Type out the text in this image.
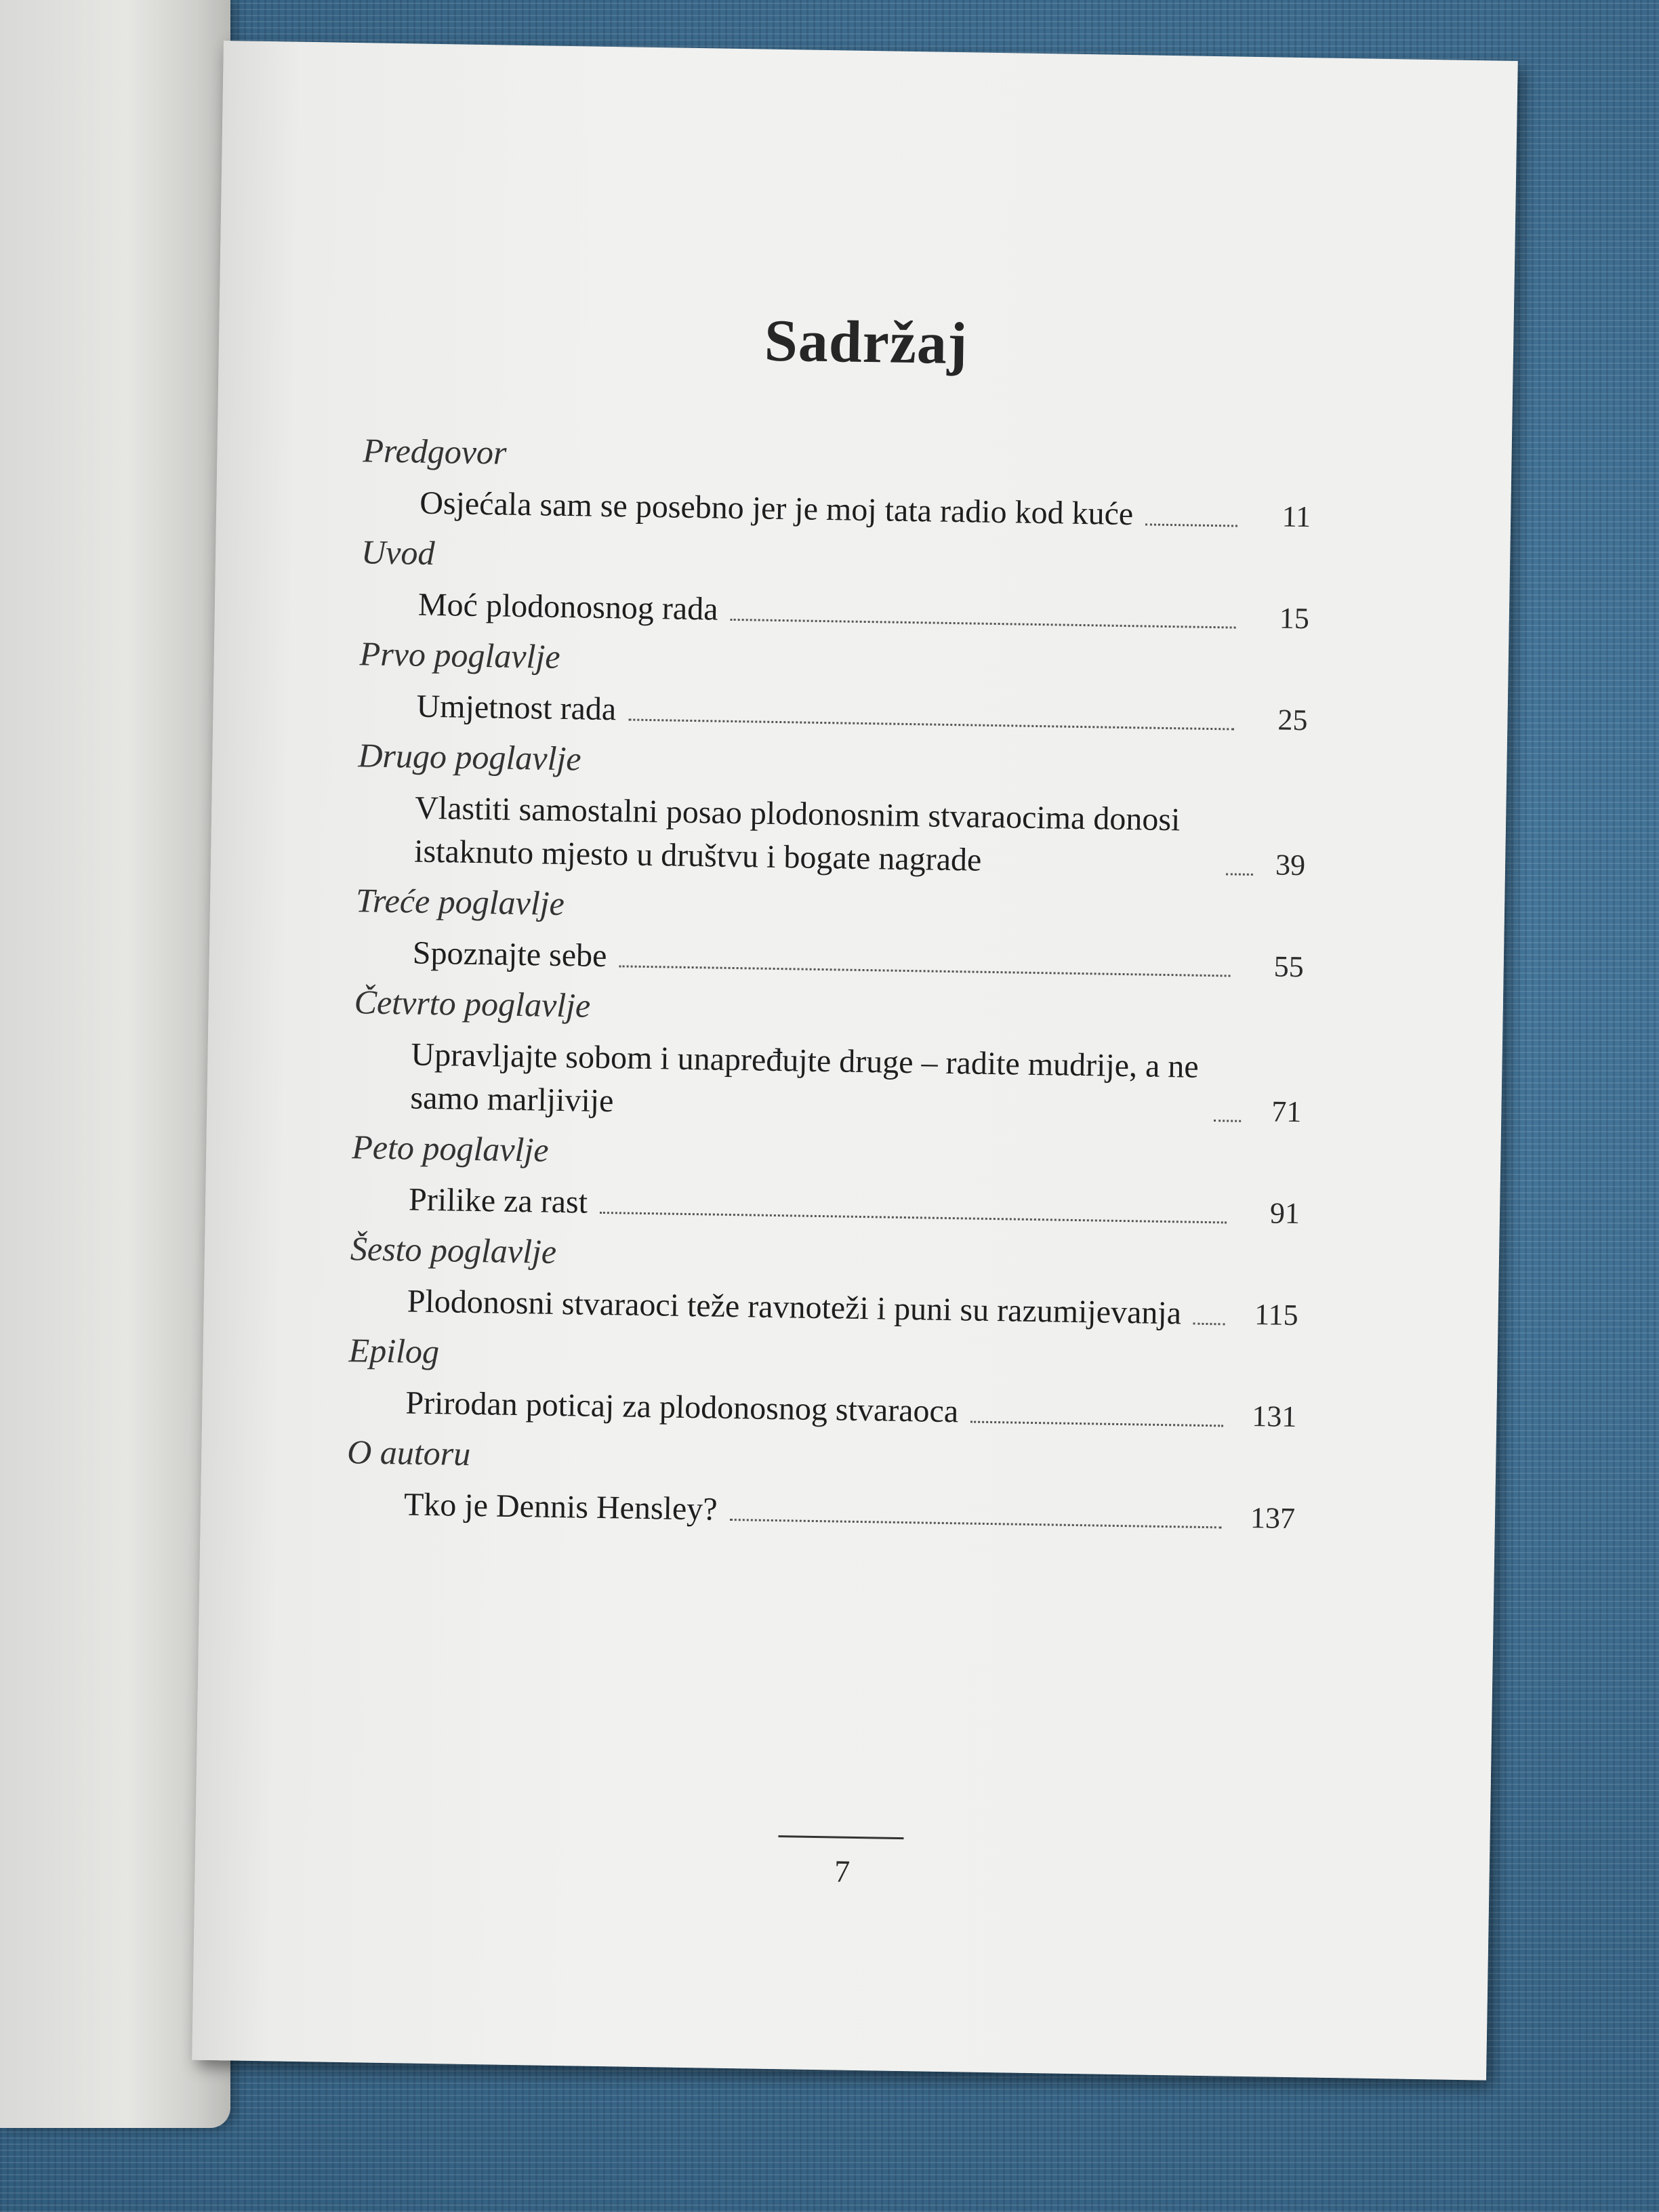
Sadržaj
Predgovor
Osjećala sam se posebno jer je moj tata radio kod kuće	11
Uvod
Moć plodonosnog rada	15
Prvo poglavlje
Umjetnost rada	25
Drugo poglavlje
Vlastiti samostalni posao plodonosnim stvaraocima donosi istaknuto mjesto u društvu i bogate nagrade	39
Treće poglavlje
Spoznajte sebe	55
Četvrto poglavlje
Upravljajte sobom i unapređujte druge – radite mudrije, a ne samo marljivije	71
Peto poglavlje
Prilike za rast	91
Šesto poglavlje
Plodonosni stvaraoci teže ravnoteži i puni su razumijevanja	115
Epilog
Prirodan poticaj za plodonosnog stvaraoca	131
O autoru
Tko je Dennis Hensley?	137
7
